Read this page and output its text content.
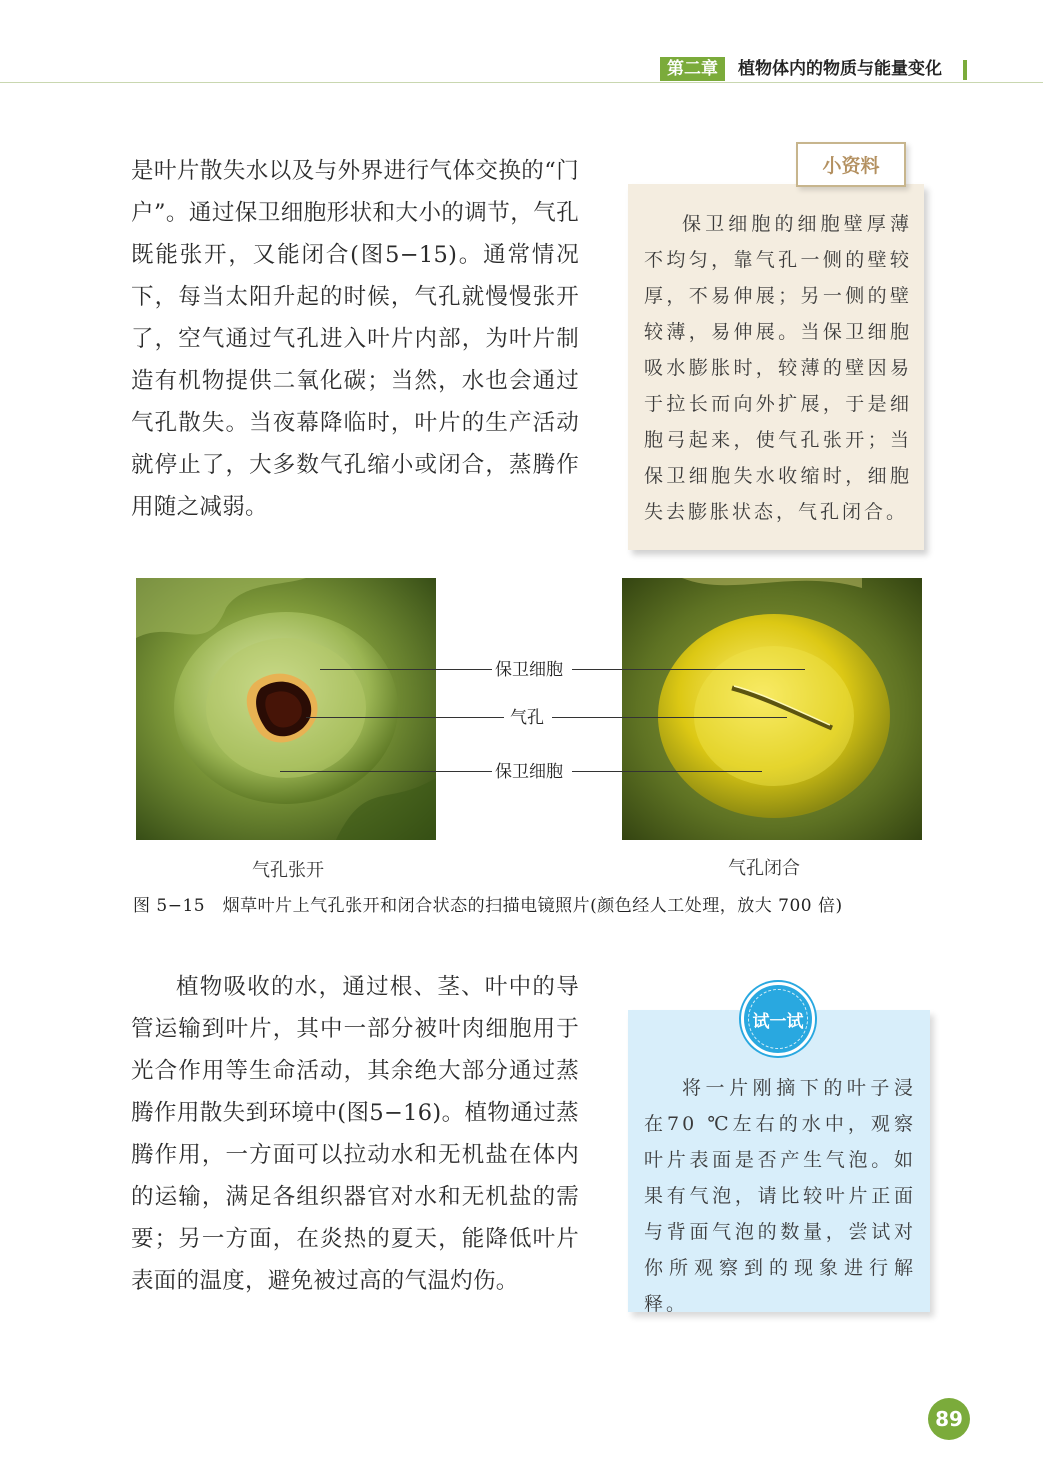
第二章	植物体内的物质与能量变化

是叶片散失水以及与外界进行气体交换的“门户”。通过保卫细胞形状和大小的调节，气孔既能张开，又能闭合(图5−15)。通常情况下，每当太阳升起的时候，气孔就慢慢张开了，空气通过气孔进入叶片内部，为叶片制造有机物提供二氧化碳；当然，水也会通过气孔散失。当夜幕降临时，叶片的生产活动就停止了，大多数气孔缩小或闭合，蒸腾作用随之减弱。

小资料

保卫细胞的细胞壁厚薄不均匀，靠气孔一侧的壁较厚，不易伸展；另一侧的壁较薄，易伸展。当保卫细胞吸水膨胀时，较薄的壁因易于拉长而向外扩展，于是细胞弓起来，使气孔张开；当保卫细胞失水收缩时，细胞失去膨胀状态，气孔闭合。

保卫细胞
气孔
保卫细胞
气孔张开	气孔闭合
图 5−15　烟草叶片上气孔张开和闭合状态的扫描电镜照片(颜色经人工处理，放大 700 倍)

植物吸收的水，通过根、茎、叶中的导管运输到叶片，其中一部分被叶肉细胞用于光合作用等生命活动，其余绝大部分通过蒸腾作用散失到环境中(图5−16)。植物通过蒸腾作用，一方面可以拉动水和无机盐在体内的运输，满足各组织器官对水和无机盐的需要；另一方面，在炎热的夏天，能降低叶片表面的温度，避免被过高的气温灼伤。

试一试

将一片刚摘下的叶子浸在70 ℃左右的水中，观察叶片表面是否产生气泡。如果有气泡，请比较叶片正面与背面气泡的数量，尝试对你所观察到的现象进行解释。

89
